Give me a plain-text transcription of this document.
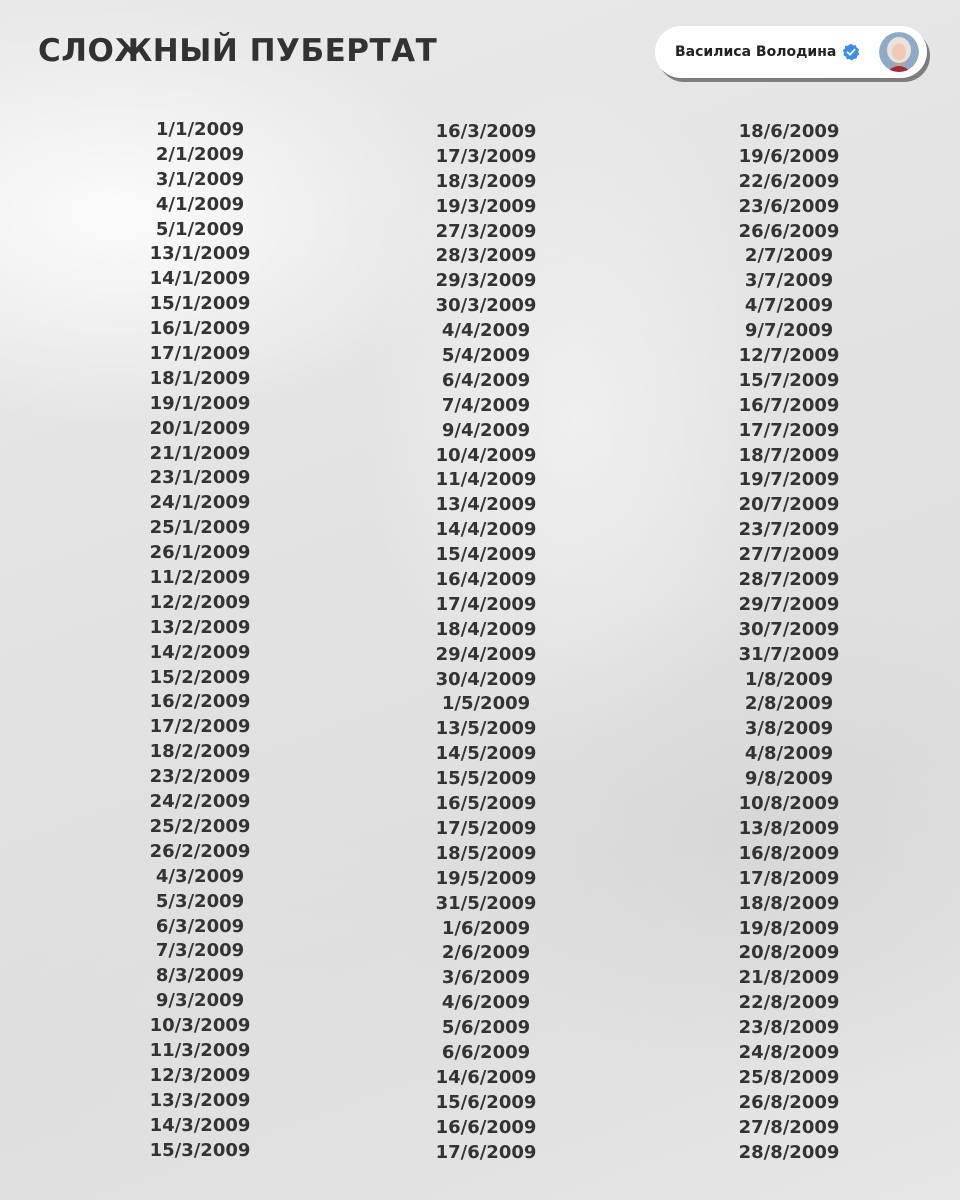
СЛОЖНЫЙ ПУБЕРТАТ	Василиса Володина
1/1/2009
2/1/2009
3/1/2009
4/1/2009
5/1/2009
13/1/2009
14/1/2009
15/1/2009
16/1/2009
17/1/2009
18/1/2009
19/1/2009
20/1/2009
21/1/2009
23/1/2009
24/1/2009
25/1/2009
26/1/2009
11/2/2009
12/2/2009
13/2/2009
14/2/2009
15/2/2009
16/2/2009
17/2/2009
18/2/2009
23/2/2009
24/2/2009
25/2/2009
26/2/2009
4/3/2009
5/3/2009
6/3/2009
7/3/2009
8/3/2009
9/3/2009
10/3/2009
11/3/2009
12/3/2009
13/3/2009
14/3/2009
15/3/2009
16/3/2009
17/3/2009
18/3/2009
19/3/2009
27/3/2009
28/3/2009
29/3/2009
30/3/2009
4/4/2009
5/4/2009
6/4/2009
7/4/2009
9/4/2009
10/4/2009
11/4/2009
13/4/2009
14/4/2009
15/4/2009
16/4/2009
17/4/2009
18/4/2009
29/4/2009
30/4/2009
1/5/2009
13/5/2009
14/5/2009
15/5/2009
16/5/2009
17/5/2009
18/5/2009
19/5/2009
31/5/2009
1/6/2009
2/6/2009
3/6/2009
4/6/2009
5/6/2009
6/6/2009
14/6/2009
15/6/2009
16/6/2009
17/6/2009
18/6/2009
19/6/2009
22/6/2009
23/6/2009
26/6/2009
2/7/2009
3/7/2009
4/7/2009
9/7/2009
12/7/2009
15/7/2009
16/7/2009
17/7/2009
18/7/2009
19/7/2009
20/7/2009
23/7/2009
27/7/2009
28/7/2009
29/7/2009
30/7/2009
31/7/2009
1/8/2009
2/8/2009
3/8/2009
4/8/2009
9/8/2009
10/8/2009
13/8/2009
16/8/2009
17/8/2009
18/8/2009
19/8/2009
20/8/2009
21/8/2009
22/8/2009
23/8/2009
24/8/2009
25/8/2009
26/8/2009
27/8/2009
28/8/2009
